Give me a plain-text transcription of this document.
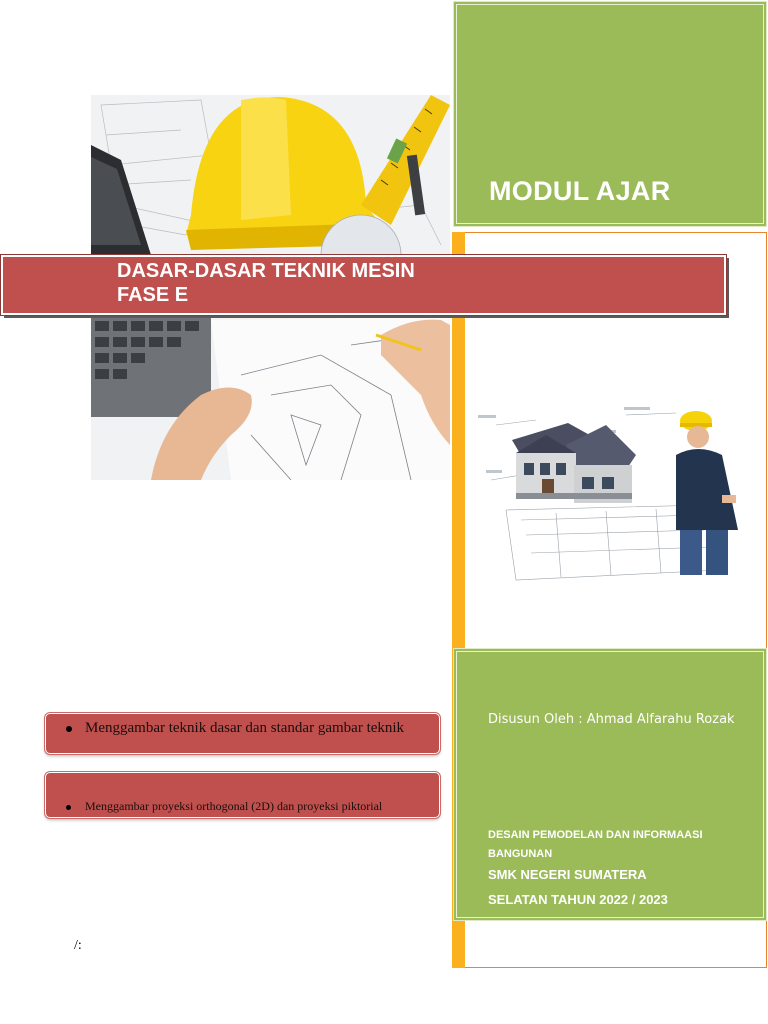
MODUL AJAR
Disusun Oleh : Ahmad Alfarahu Rozak
DESAIN PEMODELAN DAN INFORMAASI BANGUNAN
SMK NEGERI SUMATERA SELATAN TAHUN 2022 / 2023
DASAR-DASAR TEKNIK MESIN
FASE E
Menggambar teknik dasar dan standar gambar teknik
Menggambar proyeksi orthogonal (2D) dan proyeksi piktorial
/:
